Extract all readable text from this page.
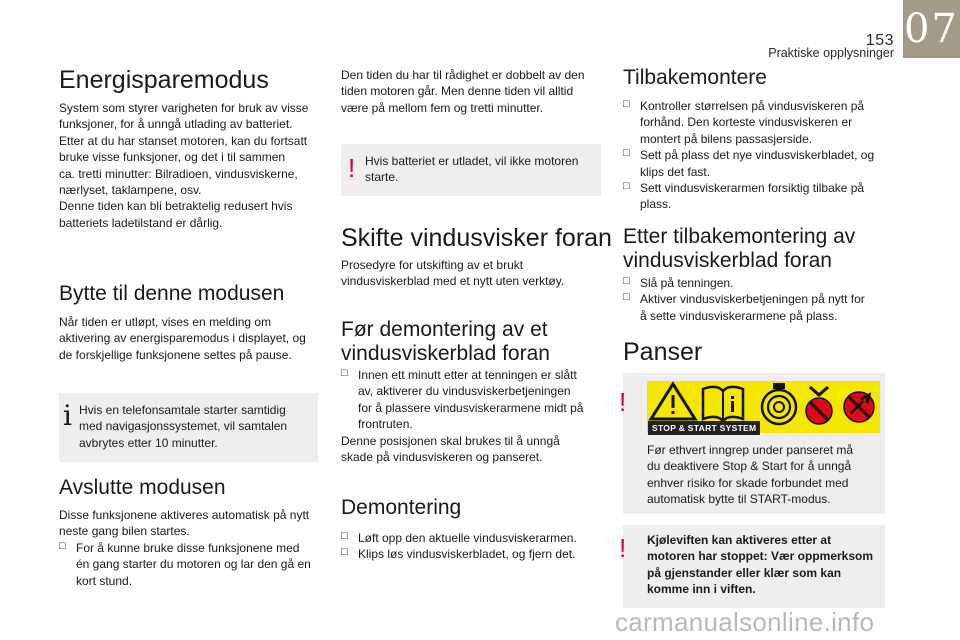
153
Praktiske opplysninger
07
Energisparemodus

System som styrer varigheten for bruk av visse

funksjoner, for å unngå utlading av batteriet.

Etter at du har stanset motoren, kan du fortsatt

bruke visse funksjoner, og det i til sammen

ca. tretti minutter: Bilradioen, vindusviskerne,

nærlyset, taklampene, osv.

Denne tiden kan bli betraktelig redusert hvis

batteriets ladetilstand er dårlig.

Bytte til denne modusen

Når tiden er utløpt, vises en melding om

aktivering av energisparemodus i displayet, og

de forskjellige funksjonene settes på pause.

i Hvis en telefonsamtale starter samtidig

med navigasjonssystemet, vil samtalen

avbrytes etter 10 minutter.

Avslutte modusen

Disse funksjonene aktiveres automatisk på nytt

neste gang bilen startes.

□ For å kunne bruke disse funksjonene med

én gang starter du motoren og lar den gå en

kort stund.

Den tiden du har til rådighet er dobbelt av den

tiden motoren går. Men denne tiden vil alltid

være på mellom fem og tretti minutter.

! Hvis batteriet er utladet, vil ikke motoren

starte.

Skifte vindusvisker foran

Prosedyre for utskifting av et brukt

vindusviskerblad med et nytt uten verktøy.

Før demontering av et
vindusviskerblad foran
□ Innen ett minutt etter at tenningen er slått

av, aktiverer du vindusviskerbetjeningen

for å plassere vindusviskerarmene midt på

frontruten.

Denne posisjonen skal brukes til å unngå

skade på vindusviskeren og panseret.

Demontering
□ Løft opp den aktuelle vindusviskerarmen.

□ Klips løs vindusviskerbladet, og fjern det.

Tilbakemontere
□ Kontroller størrelsen på vindusviskeren på

forhånd. Den korteste vindusviskeren er

montert på bilens passasjerside.

□ Sett på plass det nye vindusviskerbladet, og

klips det fast.

□ Sett vindusviskerarmen forsiktig tilbake på

plass.

Etter tilbakemontering av
vindusviskerblad foran
□ Slå på tenningen.

□ Aktiver vindusviskerbetjeningen på nytt for

å sette vindusviskerarmene på plass.

Panser
!
STOP & START SYSTEM

Før ethvert inngrep under panseret må

du deaktivere Stop & Start for å unngå

enhver risiko for skade forbundet med

automatisk bytte til START-modus.

! Kjøleviften kan aktiveres etter at

motoren har stoppet: Vær oppmerksom

på gjenstander eller klær som kan

komme inn i viften.

carmanualsonline.info
